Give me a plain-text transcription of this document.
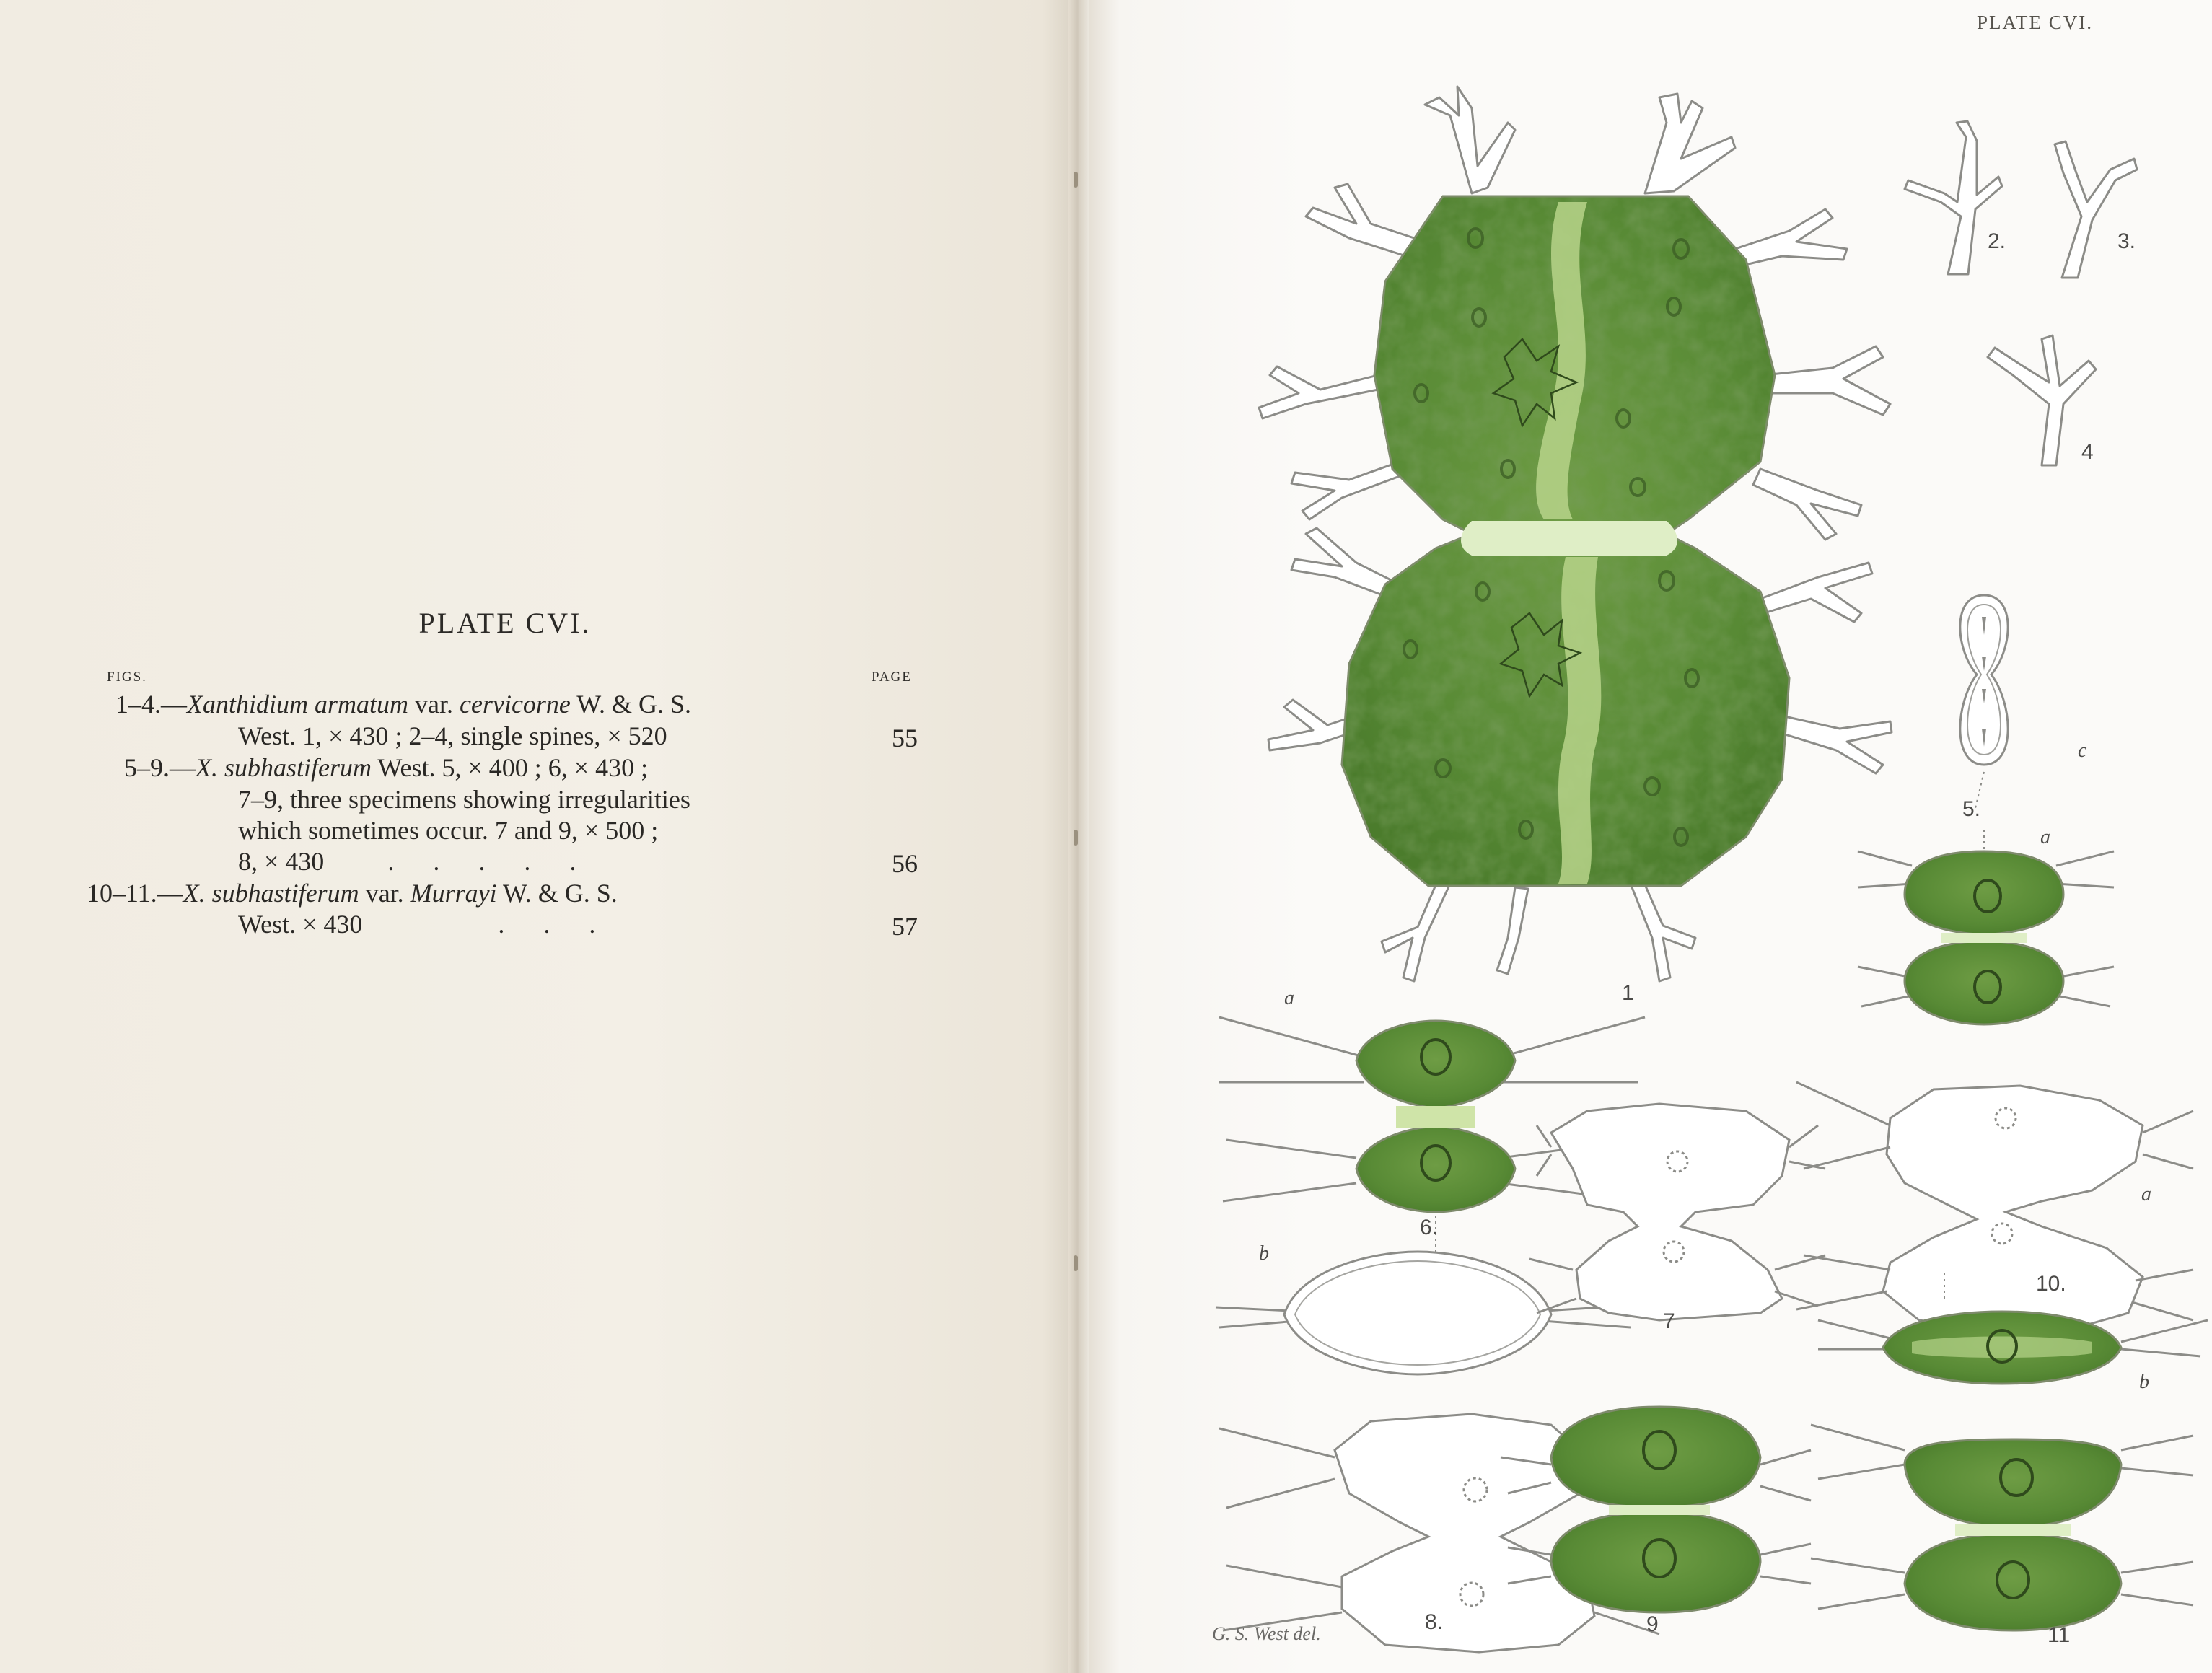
PLATE CVI.
FIGS.	PAGE
1–4.—Xanthidium armatum var. cervicorne W. & G. S.
West. 1, × 430 ; 2–4, single spines, × 520	55
5–9.—X. subhastiferum West. 5, × 400 ; 6, × 430 ;
7–9, three specimens showing irregularities
which sometimes occur. 7 and 9, × 500 ;
8, × 430 .      .      .      .      .	56
10–11.—X. subhastiferum var. Murrayi W. & G. S.
West. × 430	.      .      .	57
PLATE CVI.
1
2.	3.
4
5.
6.
7
8.	9
10.
11
a
c
a
b
a
b
G. S. West del.
